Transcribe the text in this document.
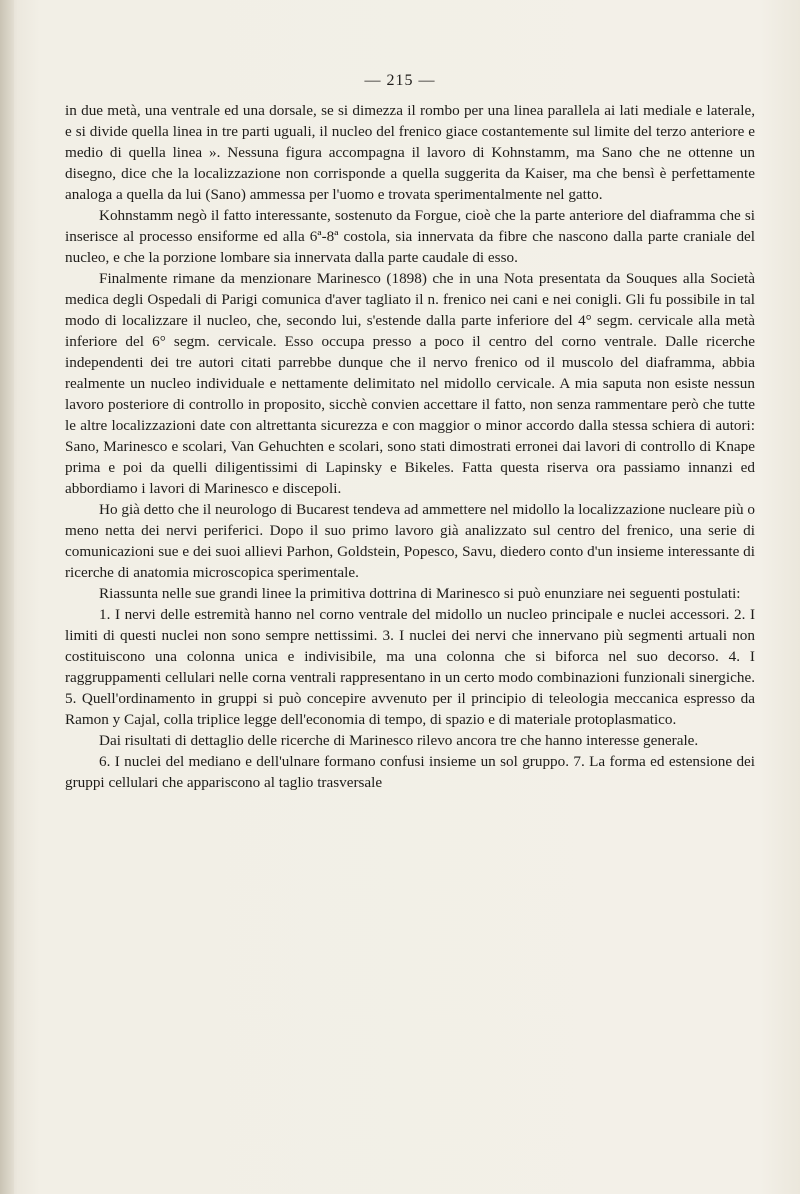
— 215 —

in due metà, una ventrale ed una dorsale, se si dimezza il rombo per una linea parallela ai lati mediale e laterale, e si divide quella linea in tre parti uguali, il nucleo del frenico giace costantemente sul limite del terzo anteriore e medio di quella linea ». Nessuna figura accompagna il lavoro di Kohnstamm, ma Sano che ne ottenne un disegno, dice che la localizzazione non corrisponde a quella suggerita da Kaiser, ma che bensì è perfettamente analoga a quella da lui (Sano) ammessa per l'uomo e trovata sperimentalmente nel gatto.

Kohnstamm negò il fatto interessante, sostenuto da Forgue, cioè che la parte anteriore del diaframma che si inserisce al processo ensiforme ed alla 6ª-8ª costola, sia innervata da fibre che nascono dalla parte craniale del nucleo, e che la porzione lombare sia innervata dalla parte caudale di esso.

Finalmente rimane da menzionare Marinesco (1898) che in una Nota presentata da Souques alla Società medica degli Ospedali di Parigi comunica d'aver tagliato il n. frenico nei cani e nei conigli. Gli fu possibile in tal modo di localizzare il nucleo, che, secondo lui, s'estende dalla parte inferiore del 4° segm. cervicale alla metà inferiore del 6° segm. cervicale. Esso occupa presso a poco il centro del corno ventrale. Dalle ricerche independenti dei tre autori citati parrebbe dunque che il nervo frenico od il muscolo del diaframma, abbia realmente un nucleo individuale e nettamente delimitato nel midollo cervicale. A mia saputa non esiste nessun lavoro posteriore di controllo in proposito, sicchè convien accettare il fatto, non senza rammentare però che tutte le altre localizzazioni date con altrettanta sicurezza e con maggior o minor accordo dalla stessa schiera di autori: Sano, Marinesco e scolari, Van Gehuchten e scolari, sono stati dimostrati erronei dai lavori di controllo di Knape prima e poi da quelli diligentissimi di Lapinsky e Bikeles. Fatta questa riserva ora passiamo innanzi ed abbordiamo i lavori di Marinesco e discepoli.

Ho già detto che il neurologo di Bucarest tendeva ad ammettere nel midollo la localizzazione nucleare più o meno netta dei nervi periferici. Dopo il suo primo lavoro già analizzato sul centro del frenico, una serie di comunicazioni sue e dei suoi allievi Parhon, Goldstein, Popesco, Savu, diedero conto d'un insieme interessante di ricerche di anatomia microscopica sperimentale.

Riassunta nelle sue grandi linee la primitiva dottrina di Marinesco si può enunziare nei seguenti postulati:

1. I nervi delle estremità hanno nel corno ventrale del midollo un nucleo principale e nuclei accessori. 2. I limiti di questi nuclei non sono sempre nettissimi. 3. I nuclei dei nervi che innervano più segmenti artuali non costituiscono una colonna unica e indivisibile, ma una colonna che si biforca nel suo decorso. 4. I raggruppamenti cellulari nelle corna ventrali rappresentano in un certo modo combinazioni funzionali sinergiche. 5. Quell'ordinamento in gruppi si può concepire avvenuto per il principio di teleologia meccanica espresso da Ramon y Cajal, colla triplice legge dell'economia di tempo, di spazio e di materiale protoplasmatico.

Dai risultati di dettaglio delle ricerche di Marinesco rilevo ancora tre che hanno interesse generale.

6. I nuclei del mediano e dell'ulnare formano confusi insieme un sol gruppo. 7. La forma ed estensione dei gruppi cellulari che appariscono al taglio trasversale
